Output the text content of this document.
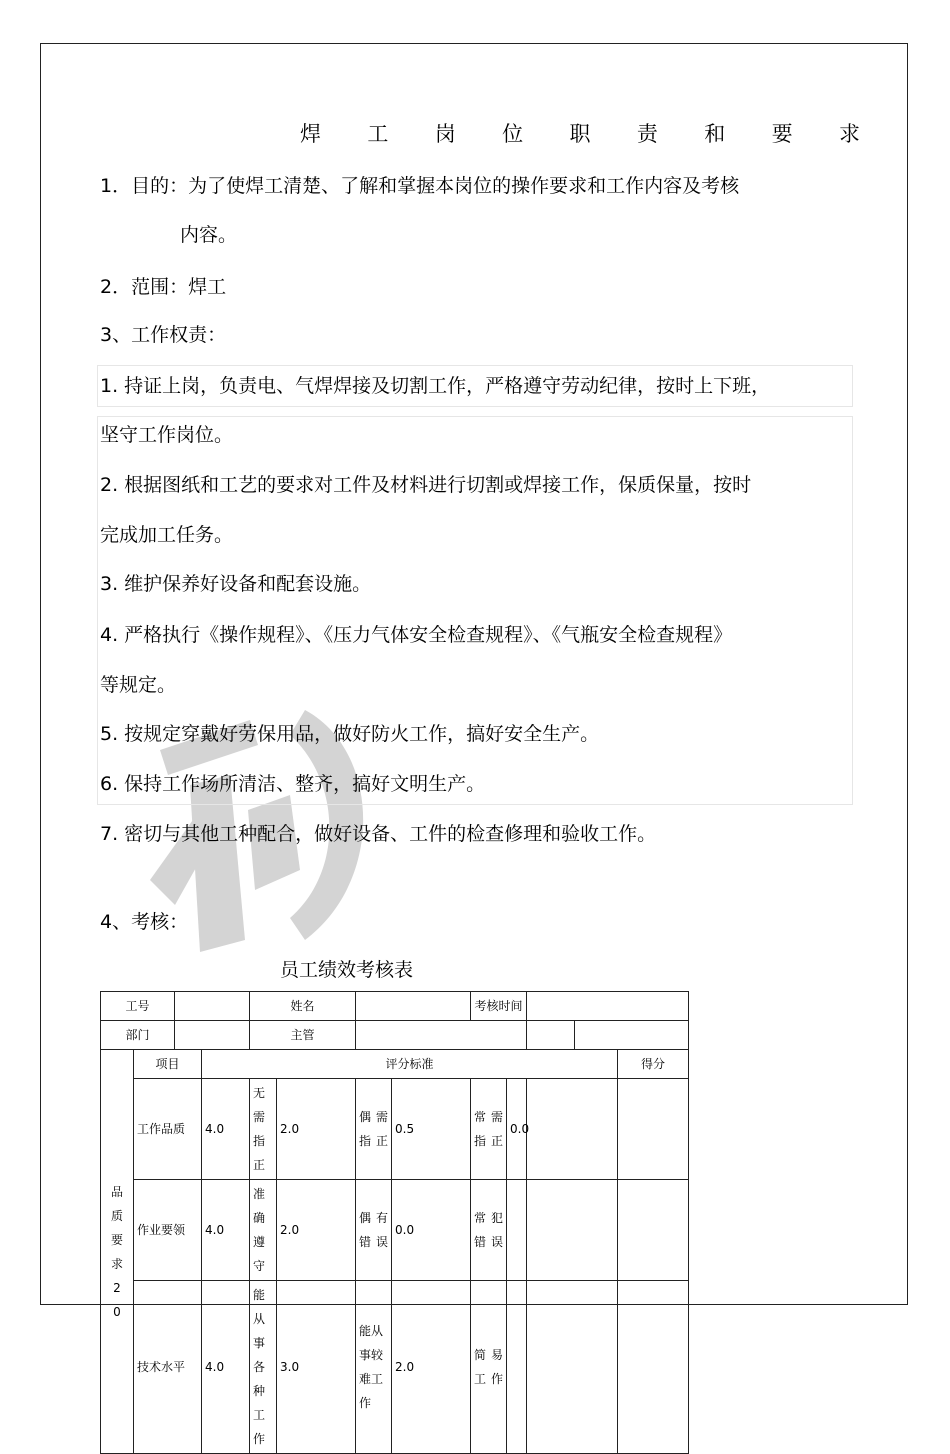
焊 工 岗 位 职 责 和 要 求
1．目的：为了使焊工清楚、了解和掌握本岗位的操作要求和工作内容及考核
内容。
2．范围：焊工
3、工作权责：
1. 持证上岗，负责电、气焊焊接及切割工作，严格遵守劳动纪律，按时上下班，
坚守工作岗位。
2. 根据图纸和工艺的要求对工件及材料进行切割或焊接工作，保质保量，按时
完成加工任务。
3. 维护保养好设备和配套设施。
4. 严格执行《操作规程》、《压力气体安全检查规程》、《气瓶安全检查规程》
等规定。
5. 按规定穿戴好劳保用品，做好防火工作，搞好安全生产。
6. 保持工作场所清洁、整齐，搞好文明生产。
7. 密切与其他工种配合，做好设备、工件的检查修理和验收工作。
4、考核：
员工绩效考核表
工号				姓名				考核时间					
部门				主管									

品质要求20	项目		评分标准									得分	
	工作品质		4.0	无需指正	2.0	偶需指正	0.5	常需指正	0.0				
	作业要领		4.0	准确遵守	2.0	偶有错误	0.0	常犯错误					
	技术水平		4.0	能从事各种工作	3.0	能从事较难工作	2.0	简易工作					
